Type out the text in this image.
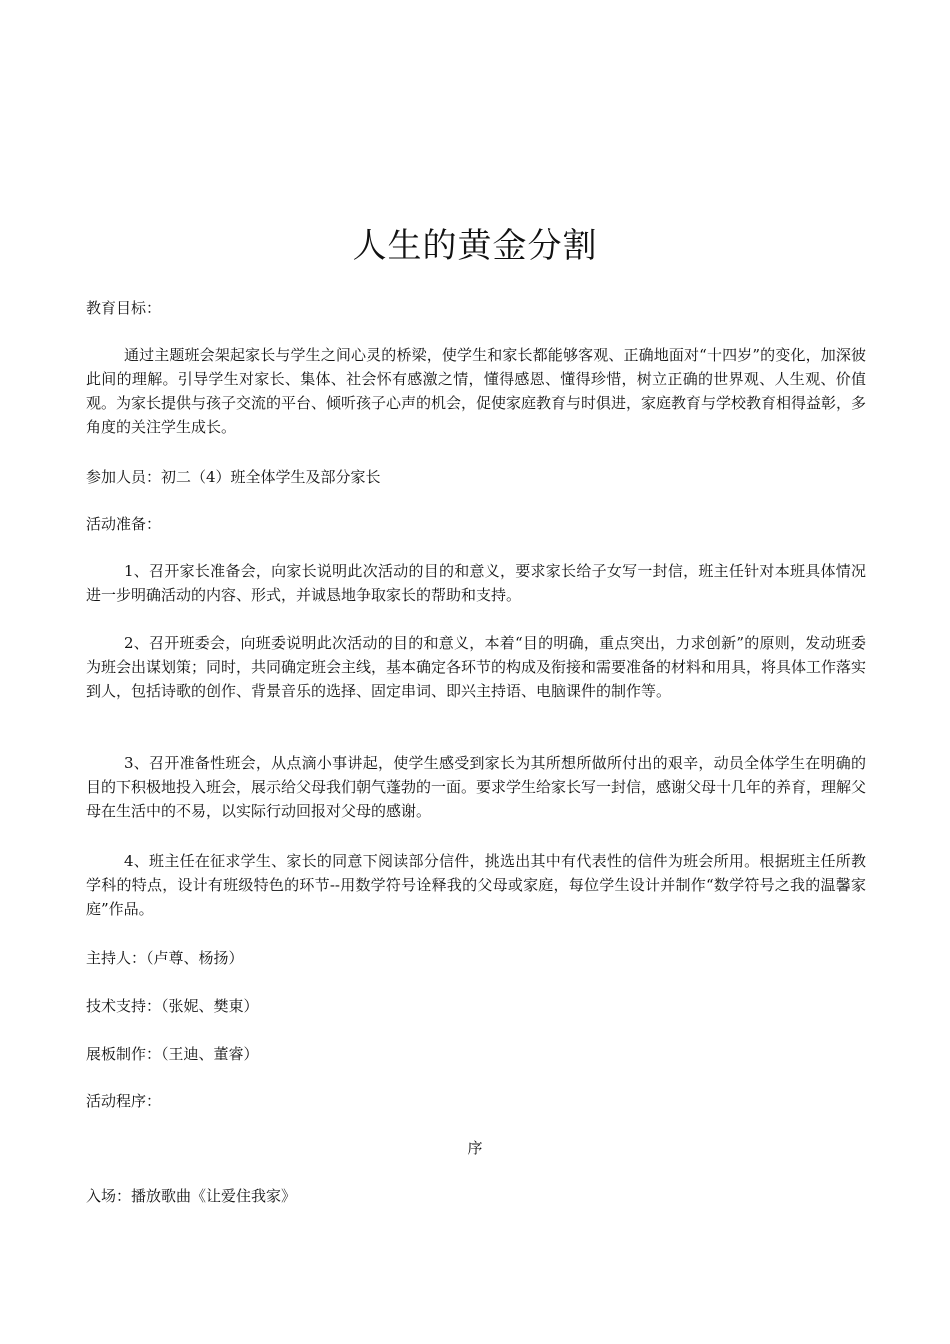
人生的黄金分割

教育目标：

通过主题班会架起家长与学生之间心灵的桥梁，使学生和家长都能够客观、正确地面对“十四岁”的变化，加深彼此间的理解。引导学生对家长、集体、社会怀有感激之情，懂得感恩、懂得珍惜，树立正确的世界观、人生观、价值观。为家长提供与孩子交流的平台、倾听孩子心声的机会，促使家庭教育与时俱进，家庭教育与学校教育相得益彰，多角度的关注学生成长。

参加人员：初二（4）班全体学生及部分家长

活动准备：

1、召开家长准备会，向家长说明此次活动的目的和意义，要求家长给子女写一封信，班主任针对本班具体情况进一步明确活动的内容、形式，并诚恳地争取家长的帮助和支持。

2、召开班委会，向班委说明此次活动的目的和意义，本着“目的明确，重点突出，力求创新”的原则，发动班委为班会出谋划策；同时，共同确定班会主线，基本确定各环节的构成及衔接和需要准备的材料和用具，将具体工作落实到人，包括诗歌的创作、背景音乐的选择、固定串词、即兴主持语、电脑课件的制作等。

3、召开准备性班会，从点滴小事讲起，使学生感受到家长为其所想所做所付出的艰辛，动员全体学生在明确的目的下积极地投入班会，展示给父母我们朝气蓬勃的一面。要求学生给家长写一封信，感谢父母十几年的养育，理解父母在生活中的不易，以实际行动回报对父母的感谢。

4、班主任在征求学生、家长的同意下阅读部分信件，挑选出其中有代表性的信件为班会所用。根据班主任所教学科的特点，设计有班级特色的环节--用数学符号诠释我的父母或家庭，每位学生设计并制作“数学符号之我的温馨家庭”作品。

主持人：（卢尊、杨扬）

技术支持：（张妮、樊東）

展板制作：（王迪、董睿）

活动程序：

序

入场：播放歌曲《让爱住我家》
